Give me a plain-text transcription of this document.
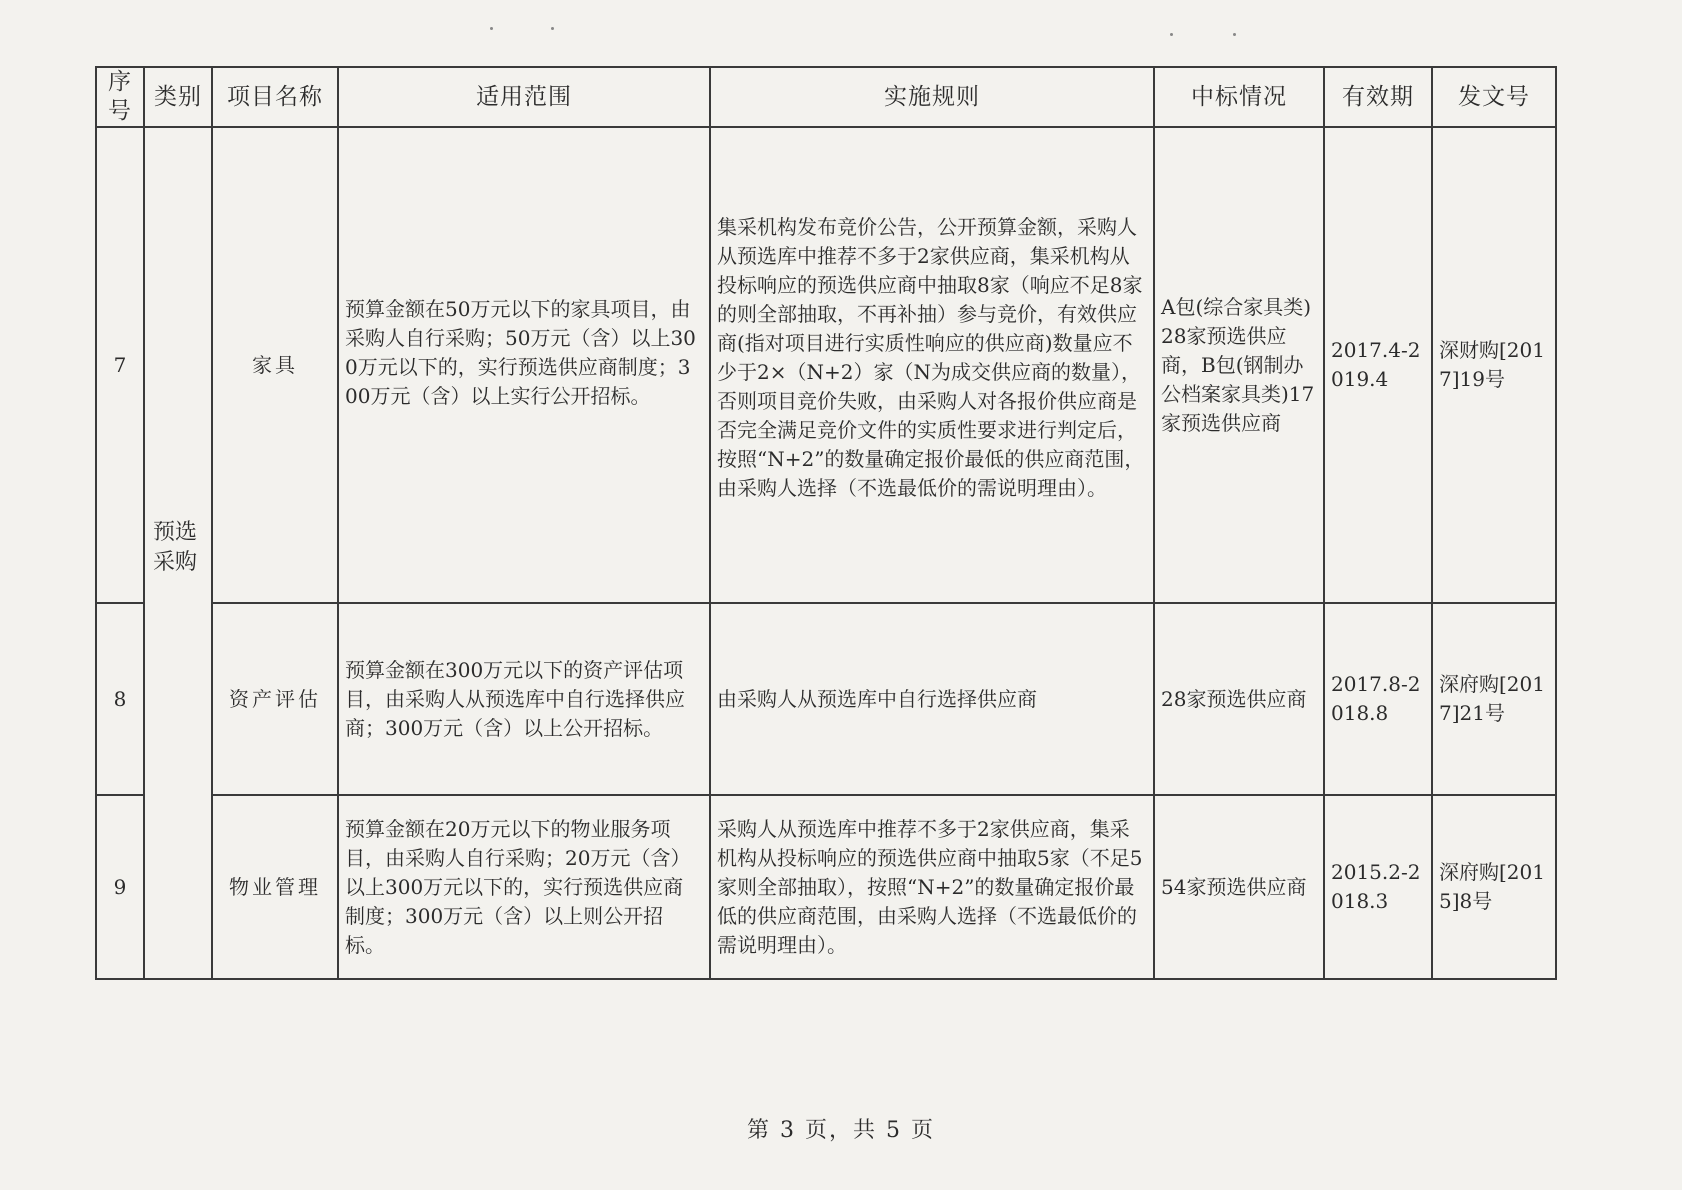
序号	类别	项目名称	适用范围	实施规则	中标情况	有效期	发文号
7	预选采购	家具	预算金额在50万元以下的家具项目，由采购人自行采购；50万元（含）以上300万元以下的，实行预选供应商制度；300万元（含）以上实行公开招标。	集采机构发布竞价公告，公开预算金额，采购人从预选库中推荐不多于2家供应商，集采机构从投标响应的预选供应商中抽取8家（响应不足8家的则全部抽取，不再补抽）参与竞价，有效供应商(指对项目进行实质性响应的供应商)数量应不少于2×（N+2）家（N为成交供应商的数量），否则项目竞价失败，由采购人对各报价供应商是否完全满足竞价文件的实质性要求进行判定后，按照“N+2”的数量确定报价最低的供应商范围，由采购人选择（不选最低价的需说明理由）。	A包(综合家具类)28家预选供应商，B包(钢制办公档案家具类)17家预选供应商	2017.4-2019.4	深财购[2017]19号
8		资产评估	预算金额在300万元以下的资产评估项目，由采购人从预选库中自行选择供应商；300万元（含）以上公开招标。	由采购人从预选库中自行选择供应商	28家预选供应商	2017.8-2018.8	深府购[2017]21号
9		物业管理	预算金额在20万元以下的物业服务项目，由采购人自行采购；20万元（含）以上300万元以下的，实行预选供应商制度；300万元（含）以上则公开招标。	采购人从预选库中推荐不多于2家供应商，集采机构从投标响应的预选供应商中抽取5家（不足5家则全部抽取），按照“N+2”的数量确定报价最低的供应商范围，由采购人选择（不选最低价的需说明理由）。	54家预选供应商	2015.2-2018.3	深府购[2015]8号
第 3 页，共 5 页
